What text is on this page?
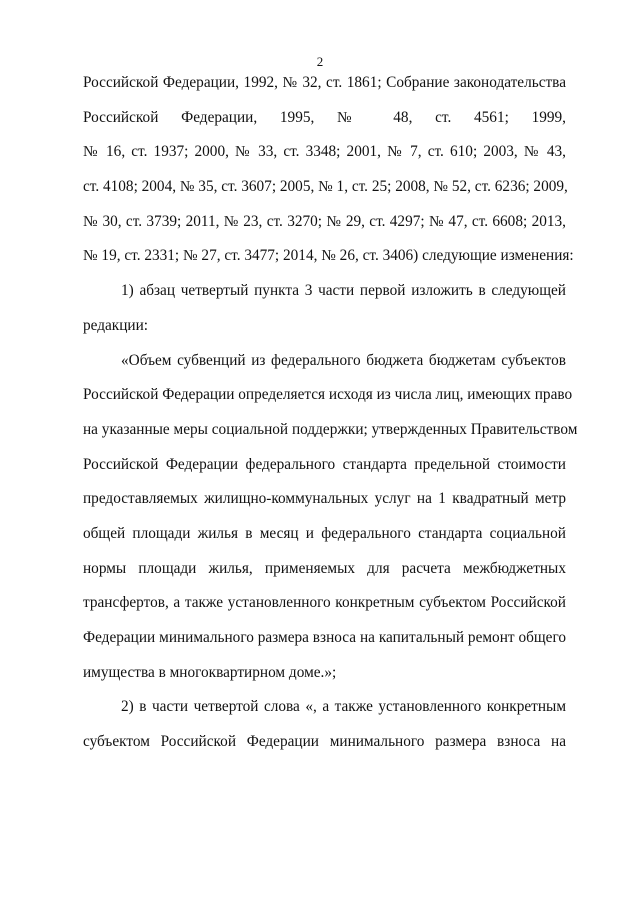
2
Российской Федерации, 1992, № 32, ст. 1861; Собрание законодательства
Российской Федерации, 1995, № 48, ст. 4561; 1999,
№ 16, ст. 1937; 2000, № 33, ст. 3348; 2001, № 7, ст. 610; 2003, № 43,
ст. 4108; 2004, № 35, ст. 3607; 2005, № 1, ст. 25; 2008, № 52, ст. 6236; 2009,
№ 30, ст. 3739; 2011, № 23, ст. 3270; № 29, ст. 4297; № 47, ст. 6608; 2013,
№ 19, ст. 2331; № 27, ст. 3477; 2014, № 26, ст. 3406) следующие изменения:
1) абзац четвертый пункта 3 части первой изложить в следующей
редакции:
«Объем субвенций из федерального бюджета бюджетам субъектов
Российской Федерации определяется исходя из числа лиц, имеющих право
на указанные меры социальной поддержки; утвержденных Правительством
Российской Федерации федерального стандарта предельной стоимости
предоставляемых жилищно-коммунальных услуг на 1 квадратный метр
общей площади жилья в месяц и федерального стандарта социальной
нормы площади жилья, применяемых для расчета межбюджетных
трансфертов, а также установленного конкретным субъектом Российской
Федерации минимального размера взноса на капитальный ремонт общего
имущества в многоквартирном доме.»;
2) в части четвертой слова «, а также установленного конкретным
субъектом Российской Федерации минимального размера взноса на
